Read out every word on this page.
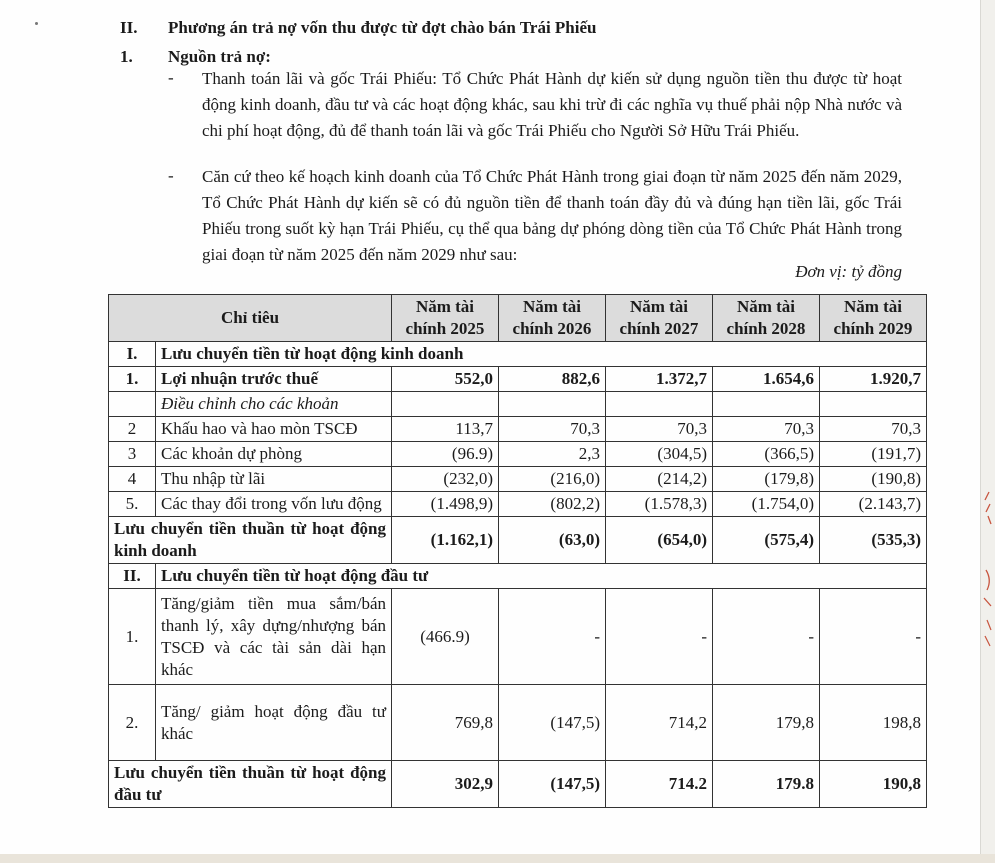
II. Phương án trả nợ vốn thu được từ đợt chào bán Trái Phiếu
1. Nguồn trả nợ:
- Thanh toán lãi và gốc Trái Phiếu: Tổ Chức Phát Hành dự kiến sử dụng nguồn tiền thu được từ hoạt động kinh doanh, đầu tư và các hoạt động khác, sau khi trừ đi các nghĩa vụ thuế phải nộp Nhà nước và chi phí hoạt động, đủ để thanh toán lãi và gốc Trái Phiếu cho Người Sở Hữu Trái Phiếu.
- Căn cứ theo kế hoạch kinh doanh của Tổ Chức Phát Hành trong giai đoạn từ năm 2025 đến năm 2029, Tổ Chức Phát Hành dự kiến sẽ có đủ nguồn tiền để thanh toán đầy đủ và đúng hạn tiền lãi, gốc Trái Phiếu trong suốt kỳ hạn Trái Phiếu, cụ thể qua bảng dự phóng dòng tiền của Tổ Chức Phát Hành trong giai đoạn từ năm 2025 đến năm 2029 như sau:
Đơn vị: tỷ đồng
Chỉ tiêu		Năm tài chính 2025	Năm tài chính 2026	Năm tài chính 2027	Năm tài chính 2028	Năm tài chính 2029
I.	Lưu chuyển tiền từ hoạt động kinh doanh					
1.	Lợi nhuận trước thuế	552,0	882,6	1.372,7	1.654,6	1.920,7
	Điều chỉnh cho các khoản					
2	Khấu hao và hao mòn TSCĐ	113,7	70,3	70,3	70,3	70,3
3	Các khoản dự phòng	(96.9)	2,3	(304,5)	(366,5)	(191,7)
4	Thu nhập từ lãi	(232,0)	(216,0)	(214,2)	(179,8)	(190,8)
5.	Các thay đổi trong vốn lưu động	(1.498,9)	(802,2)	(1.578,3)	(1.754,0)	(2.143,7)
Lưu chuyển tiền thuần từ hoạt động kinh doanh		(1.162,1)	(63,0)	(654,0)	(575,4)	(535,3)
II.	Lưu chuyển tiền từ hoạt động đầu tư					
1.	Tăng/giảm tiền mua sắm/bán thanh lý, xây dựng/nhượng bán TSCĐ và các tài sản dài hạn khác	(466.9)	-	-	-	-
2.	Tăng/ giảm hoạt động đầu tư khác	769,8	(147,5)	714,2	179,8	198,8
Lưu chuyển tiền thuần từ hoạt động đầu tư		302,9	(147,5)	714.2	179.8	190,8
